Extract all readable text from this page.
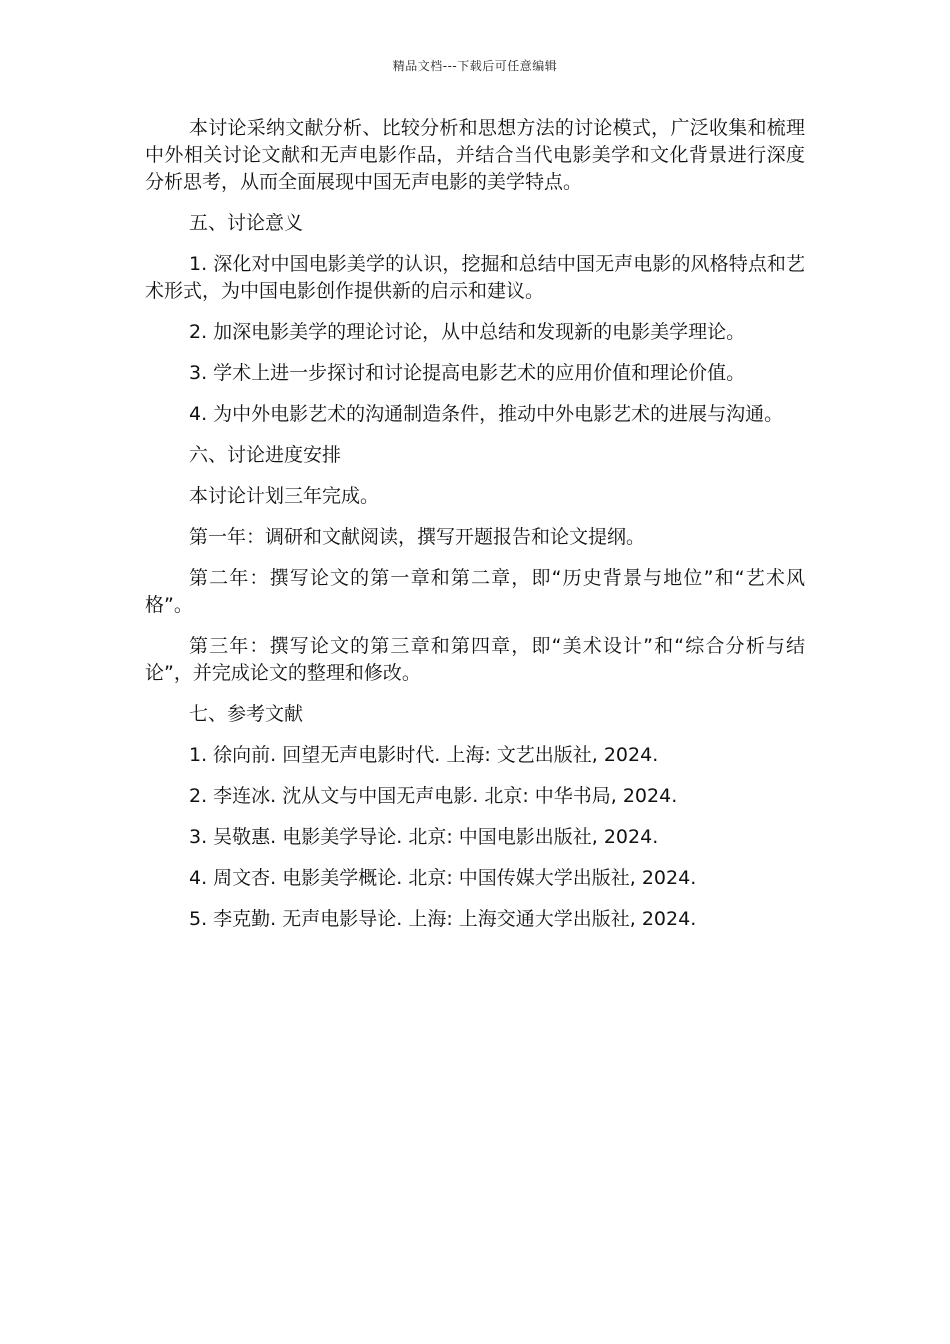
精品文档---下载后可任意编辑

本讨论采纳文献分析、比较分析和思想方法的讨论模式，广泛收集和梳理中外相关讨论文献和无声电影作品，并结合当代电影美学和文化背景进行深度分析思考，从而全面展现中国无声电影的美学特点。

五、讨论意义

1. 深化对中国电影美学的认识，挖掘和总结中国无声电影的风格特点和艺术形式，为中国电影创作提供新的启示和建议。

2. 加深电影美学的理论讨论，从中总结和发现新的电影美学理论。

3. 学术上进一步探讨和讨论提高电影艺术的应用价值和理论价值。

4. 为中外电影艺术的沟通制造条件，推动中外电影艺术的进展与沟通。

六、讨论进度安排

本讨论计划三年完成。

第一年：调研和文献阅读，撰写开题报告和论文提纲。

第二年：撰写论文的第一章和第二章，即“历史背景与地位”和“艺术风格”。

第三年：撰写论文的第三章和第四章，即“美术设计”和“综合分析与结论”，并完成论文的整理和修改。

七、参考文献

1. 徐向前. 回望无声电影时代. 上海: 文艺出版社, 2024.

2. 李连冰. 沈从文与中国无声电影. 北京: 中华书局, 2024.

3. 吴敬惠. 电影美学导论. 北京: 中国电影出版社, 2024.

4. 周文杏. 电影美学概论. 北京: 中国传媒大学出版社, 2024.

5. 李克勤. 无声电影导论. 上海: 上海交通大学出版社, 2024.
